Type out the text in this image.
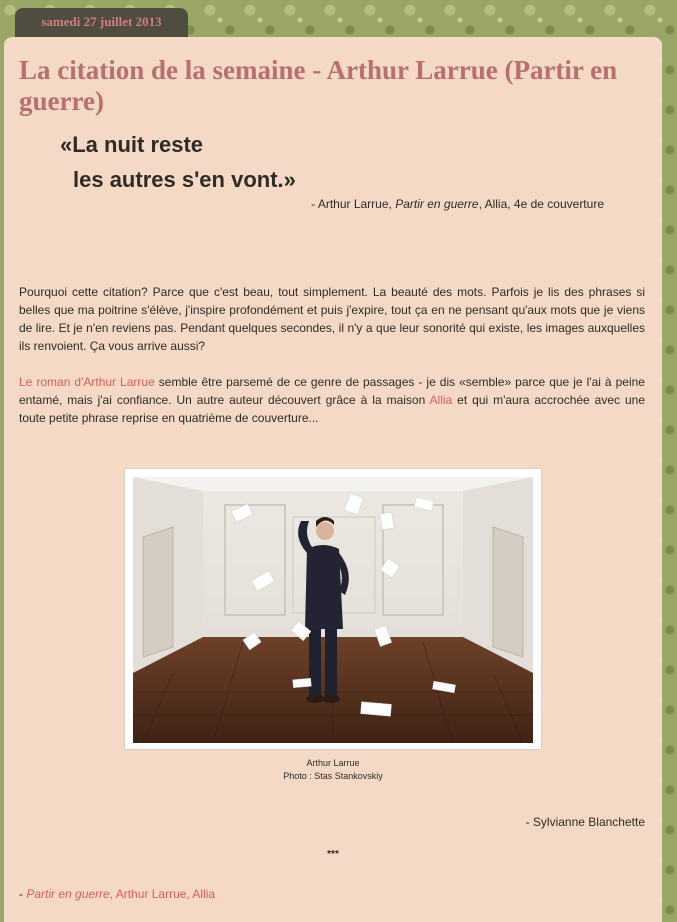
samedi 27 juillet 2013
La citation de la semaine - Arthur Larrue (Partir en guerre)

«La nuit reste

les autres s'en vont.»

- Arthur Larrue, Partir en guerre, Allia, 4e de couverture

Pourquoi cette citation? Parce que c'est beau, tout simplement. La beauté des mots. Parfois je lis des phrases si belles que ma poitrine s'élève, j'inspire profondément et puis j'expire, tout ça en ne pensant qu'aux mots que je viens de lire. Et je n'en reviens pas. Pendant quelques secondes, il n'y a que leur sonorité qui existe, les images auxquelles ils renvoient. Ça vous arrive aussi?

Le roman d'Arthur Larrue semble être parsemé de ce genre de passages - je dis «semble» parce que je l'ai à peine entamé, mais j'ai confiance. Un autre auteur découvert grâce à la maison Allia et qui m'aura accrochée avec une toute petite phrase reprise en quatrième de couverture...

Arthur Larrue

Photo : Stas Stankovskiy

- Sylvianne Blanchette

***

- Partir en guerre, Arthur Larrue, Allia
